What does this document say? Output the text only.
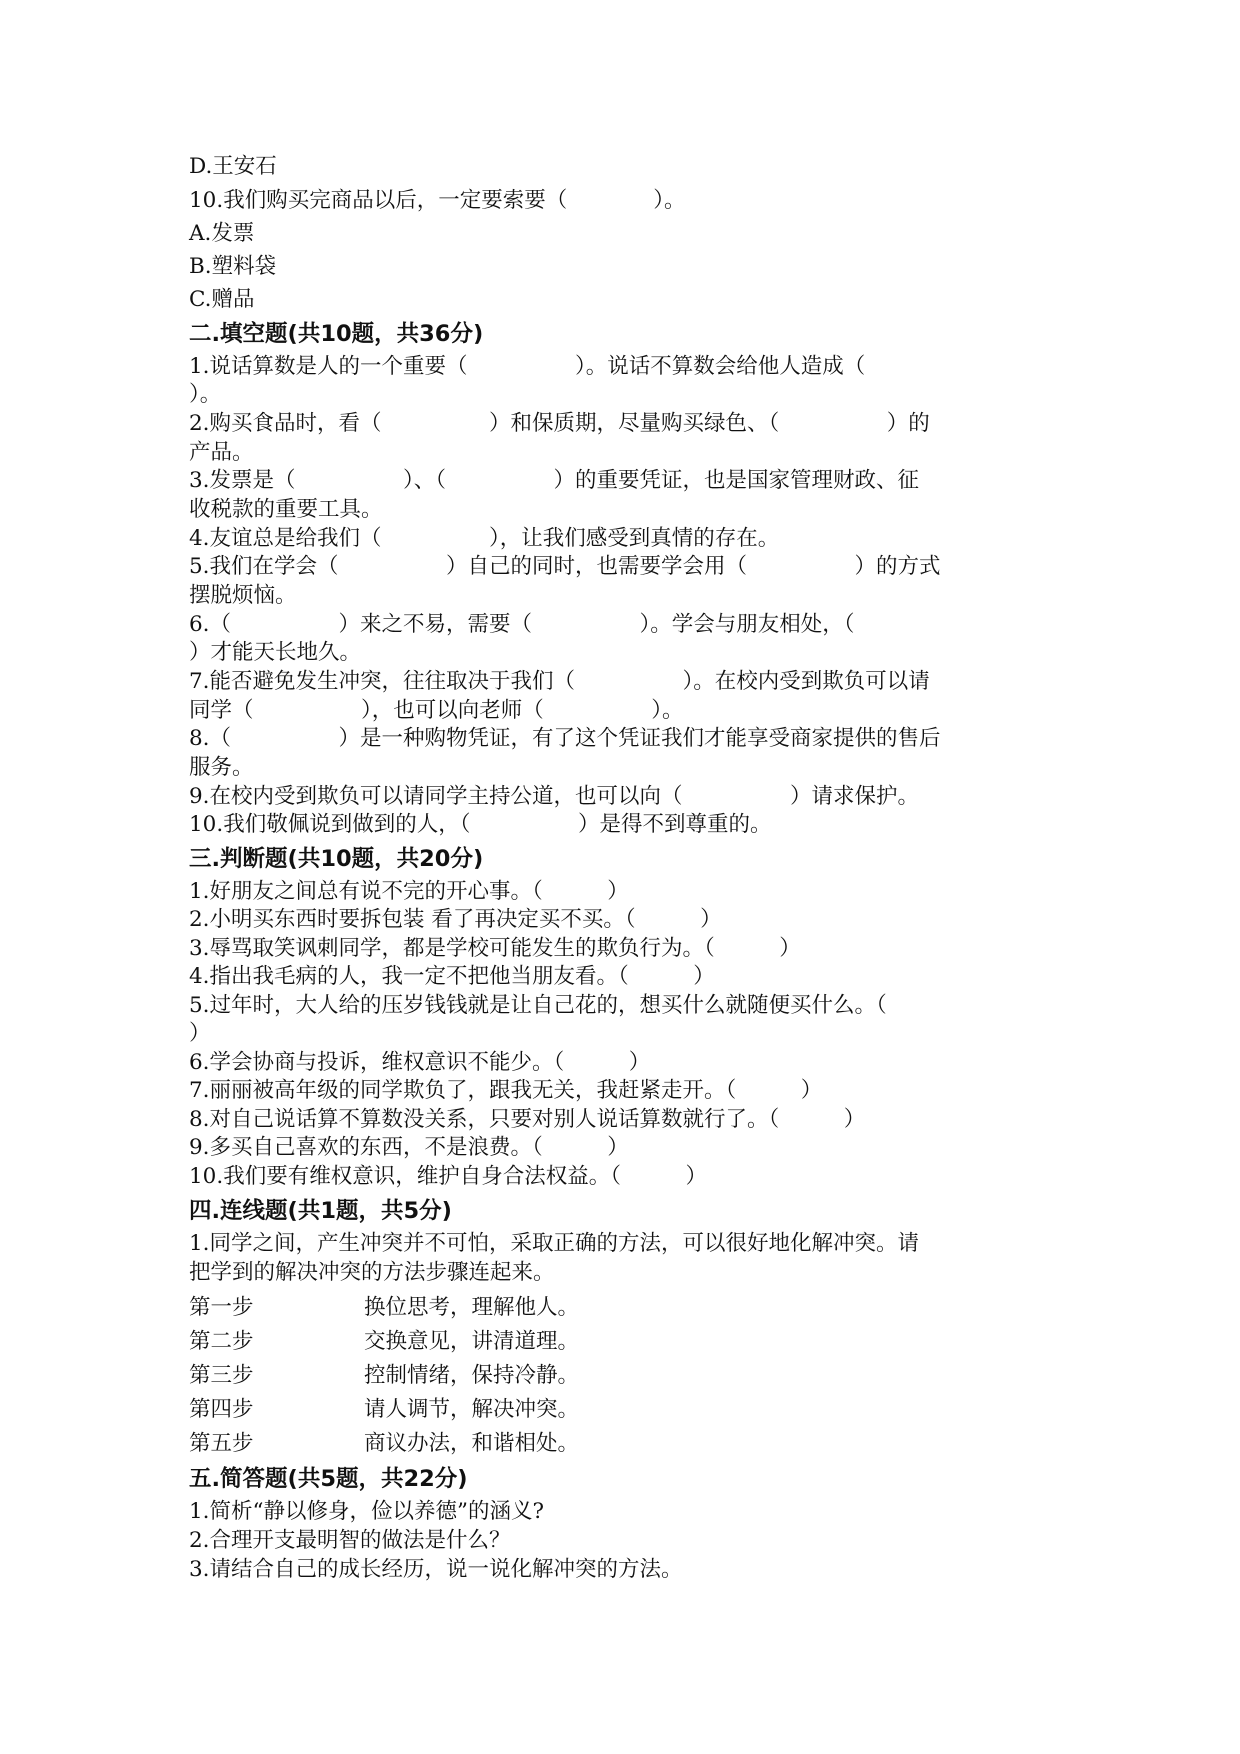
D.王安石
10.我们购买完商品以后，一定要索要（　　　　）。
A.发票
B.塑料袋
C.赠品
二.填空题(共10题，共36分)
1.说话算数是人的一个重要（　　　　　）。说话不算数会给他人造成（
）。
2.购买食品时，看（　　　　　）和保质期，尽量购买绿色、（　　　　　）的
产品。
3.发票是（　　　　　）、（　　　　　）的重要凭证，也是国家管理财政、征
收税款的重要工具。
4.友谊总是给我们（　　　　　），让我们感受到真情的存在。
5.我们在学会（　　　　　）自己的同时，也需要学会用（　　　　　）的方式
摆脱烦恼。
6.（　　　　　）来之不易，需要（　　　　　）。学会与朋友相处，（
）才能天长地久。
7.能否避免发生冲突，往往取决于我们（　　　　　）。在校内受到欺负可以请
同学（　　　　　），也可以向老师（　　　　　）。
8.（　　　　　）是一种购物凭证，有了这个凭证我们才能享受商家提供的售后
服务。
9.在校内受到欺负可以请同学主持公道，也可以向（　　　　　）请求保护。
10.我们敬佩说到做到的人，（　　　　　）是得不到尊重的。
三.判断题(共10题，共20分)
1.好朋友之间总有说不完的开心事。（　　　）
2.小明买东西时要拆包装 看了再决定买不买。（　　　）
3.辱骂取笑讽刺同学，都是学校可能发生的欺负行为。（　　　）
4.指出我毛病的人，我一定不把他当朋友看。（　　　）
5.过年时，大人给的压岁钱钱就是让自己花的，想买什么就随便买什么。（
）
6.学会协商与投诉，维权意识不能少。（　　　）
7.丽丽被高年级的同学欺负了，跟我无关，我赶紧走开。（　　　）
8.对自己说话算不算数没关系，只要对别人说话算数就行了。（　　　）
9.多买自己喜欢的东西，不是浪费。（　　　）
10.我们要有维权意识，维护自身合法权益。（　　　）
四.连线题(共1题，共5分)
1.同学之间，产生冲突并不可怕，采取正确的方法，可以很好地化解冲突。请
把学到的解决冲突的方法步骤连起来。
第一步	换位思考，理解他人。
第二步	交换意见，讲清道理。
第三步	控制情绪，保持冷静。
第四步	请人调节，解决冲突。
第五步	商议办法，和谐相处。
五.简答题(共5题，共22分)
1.简析“静以修身，俭以养德”的涵义?
2.合理开支最明智的做法是什么？
3.请结合自己的成长经历，说一说化解冲突的方法。
